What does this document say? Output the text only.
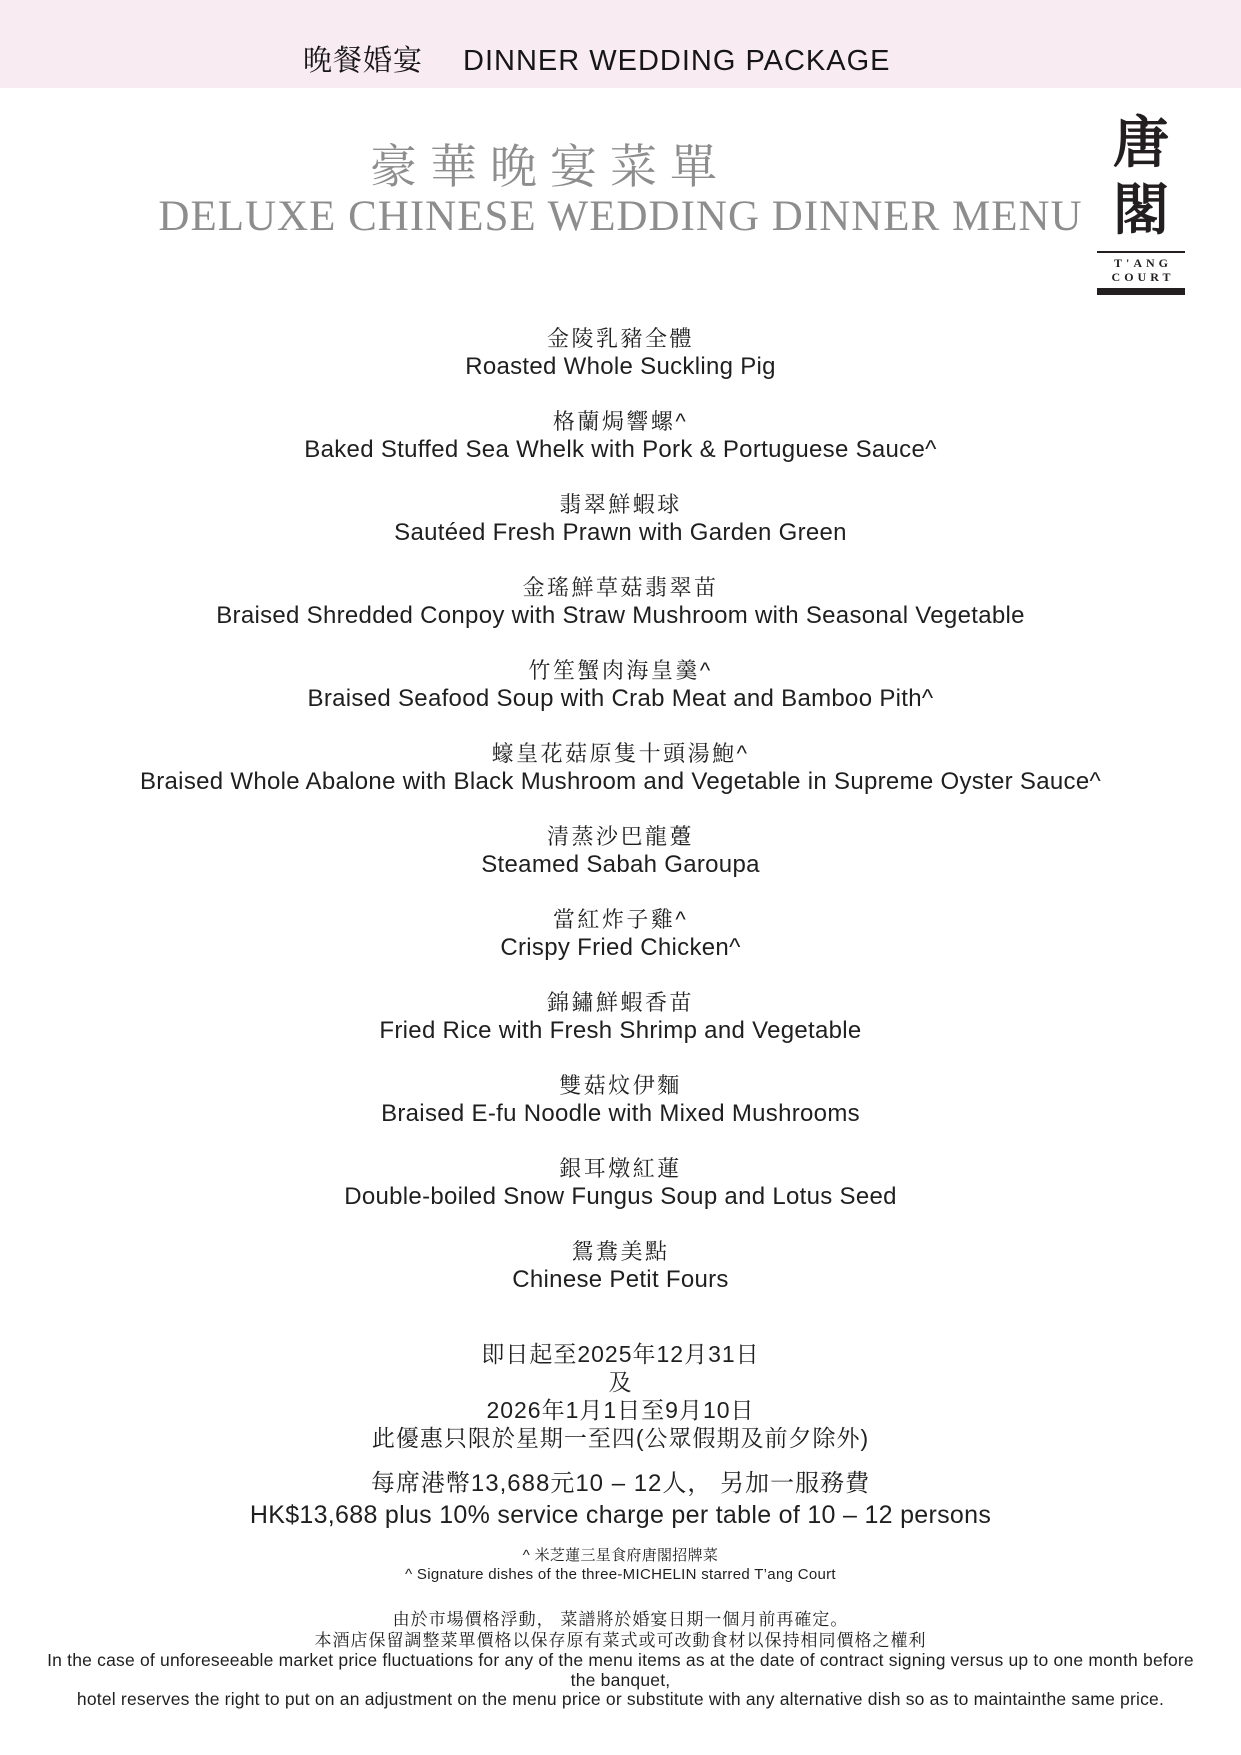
晚餐婚宴 DINNER WEDDING PACKAGE
豪華晚宴菜單
DELUXE CHINESE WEDDING DINNER MENU
唐
閣
T'ANG
COURT
金陵乳豬全體
Roasted Whole Suckling Pig
格蘭焗響螺^
Baked Stuffed Sea Whelk with Pork & Portuguese Sauce^
翡翠鮮蝦球
Sautéed Fresh Prawn with Garden Green
金瑤鮮草菇翡翠苗
Braised Shredded Conpoy with Straw Mushroom with Seasonal Vegetable
竹笙蟹肉海皇羹^
Braised Seafood Soup with Crab Meat and Bamboo Pith^
蠔皇花菇原隻十頭湯鮑^
Braised Whole Abalone with Black Mushroom and Vegetable in Supreme Oyster Sauce^
清蒸沙巴龍躉
Steamed Sabah Garoupa
當紅炸子雞^
Crispy Fried Chicken^
錦鏽鮮蝦香苗
Fried Rice with Fresh Shrimp and Vegetable
雙菇炆伊麵
Braised E-fu Noodle with Mixed Mushrooms
銀耳燉紅蓮
Double-boiled Snow Fungus Soup and Lotus Seed
鴛鴦美點
Chinese Petit Fours
即日起至2025年12月31日
及
2026年1月1日至9月10日
此優惠只限於星期一至四(公眾假期及前夕除外)
每席港幣13,688元10 – 12人， 另加一服務費
HK$13,688 plus 10% service charge per table of 10 – 12 persons
^ 米芝蓮三星食府唐閣招牌菜
^ Signature dishes of the three-MICHELIN starred T’ang Court
由於市場價格浮動， 菜譜將於婚宴日期一個月前再確定。
本酒店保留調整菜單價格以保存原有菜式或可改動食材以保持相同價格之權利
In the case of unforeseeable market price fluctuations for any of the menu items as at the date of contract signing versus up to one month before
the banquet,
hotel reserves the right to put on an adjustment on the menu price or substitute with any alternative dish so as to maintainthe same price.
